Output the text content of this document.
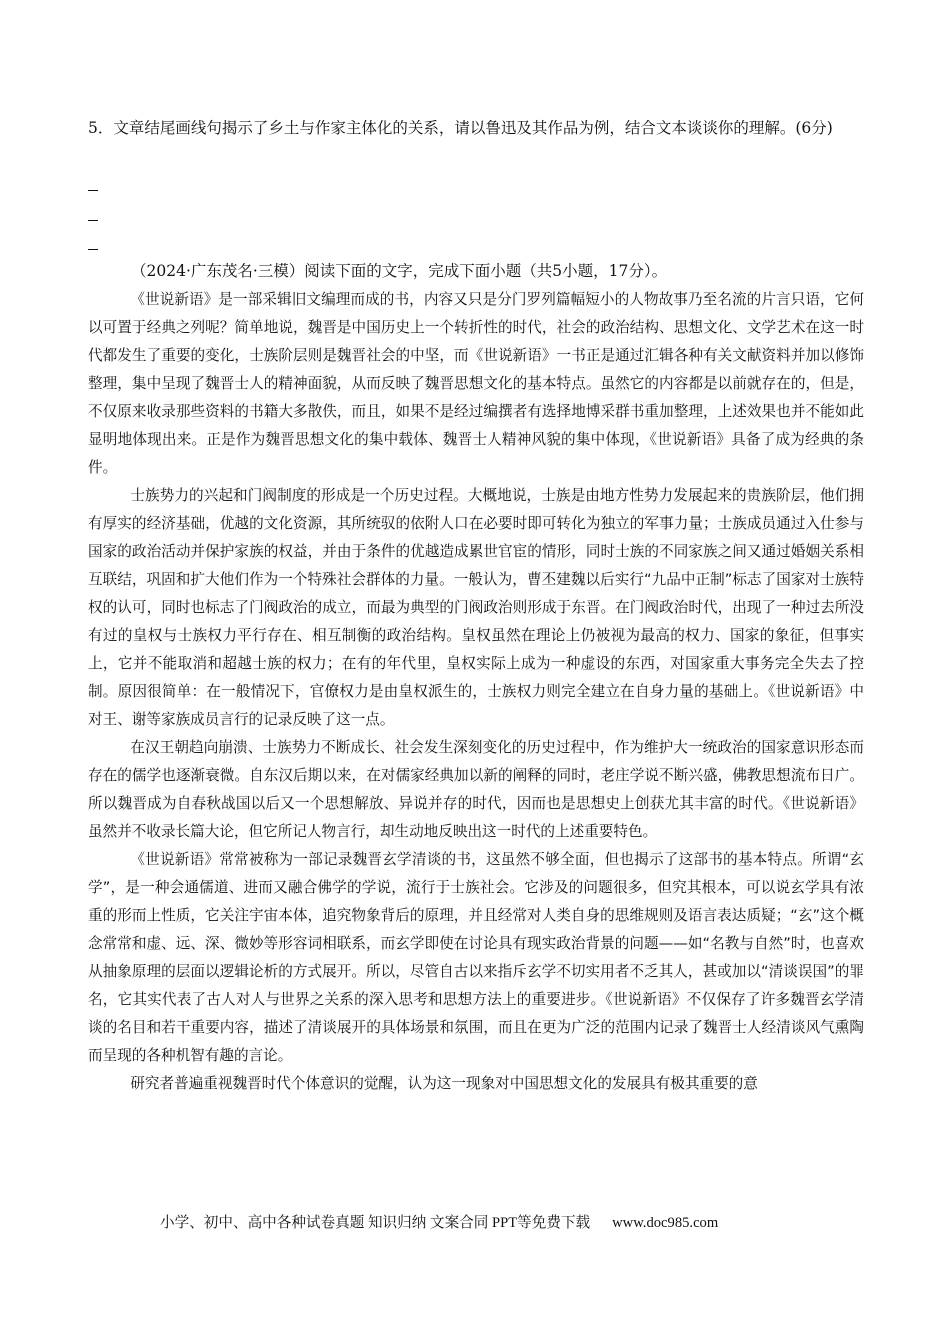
5．文章结尾画线句揭示了乡土与作家主体化的关系，请以鲁迅及其作品为例，结合文本谈谈你的理解。(6分)

（2024·广东茂名·三模）阅读下面的文字，完成下面小题（共5小题，17分）。

《世说新语》是一部采辑旧文编理而成的书，内容又只是分门罗列篇幅短小的人物故事乃至名流的片言只语，它何以可置于经典之列呢？简单地说，魏晋是中国历史上一个转折性的时代，社会的政治结构、思想文化、文学艺术在这一时代都发生了重要的变化，士族阶层则是魏晋社会的中坚，而《世说新语》一书正是通过汇辑各种有关文献资料并加以修饰整理，集中呈现了魏晋士人的精神面貌，从而反映了魏晋思想文化的基本特点。虽然它的内容都是以前就存在的，但是，不仅原来收录那些资料的书籍大多散佚，而且，如果不是经过编撰者有选择地博采群书重加整理，上述效果也并不能如此显明地体现出来。正是作为魏晋思想文化的集中载体、魏晋士人精神风貌的集中体现，《世说新语》具备了成为经典的条件。

士族势力的兴起和门阀制度的形成是一个历史过程。大概地说，士族是由地方性势力发展起来的贵族阶层，他们拥有厚实的经济基础，优越的文化资源，其所统驭的依附人口在必要时即可转化为独立的军事力量；士族成员通过入仕参与国家的政治活动并保护家族的权益，并由于条件的优越造成累世官宦的情形，同时士族的不同家族之间又通过婚姻关系相互联结，巩固和扩大他们作为一个特殊社会群体的力量。一般认为，曹丕建魏以后实行“九品中正制”标志了国家对士族特权的认可，同时也标志了门阀政治的成立，而最为典型的门阀政治则形成于东晋。在门阀政治时代，出现了一种过去所没有过的皇权与士族权力平行存在、相互制衡的政治结构。皇权虽然在理论上仍被视为最高的权力、国家的象征，但事实上，它并不能取消和超越士族的权力；在有的年代里，皇权实际上成为一种虚设的东西，对国家重大事务完全失去了控制。原因很简单：在一般情况下，官僚权力是由皇权派生的，士族权力则完全建立在自身力量的基础上。《世说新语》中对王、谢等家族成员言行的记录反映了这一点。

在汉王朝趋向崩溃、士族势力不断成长、社会发生深刻变化的历史过程中，作为维护大一统政治的国家意识形态而存在的儒学也逐渐衰微。自东汉后期以来，在对儒家经典加以新的阐释的同时，老庄学说不断兴盛，佛教思想流布日广。所以魏晋成为自春秋战国以后又一个思想解放、异说并存的时代，因而也是思想史上创获尤其丰富的时代。《世说新语》虽然并不收录长篇大论，但它所记人物言行，却生动地反映出这一时代的上述重要特色。

《世说新语》常常被称为一部记录魏晋玄学清谈的书，这虽然不够全面，但也揭示了这部书的基本特点。所谓“玄学”，是一种会通儒道、进而又融合佛学的学说，流行于士族社会。它涉及的问题很多，但究其根本，可以说玄学具有浓重的形而上性质，它关注宇宙本体，追究物象背后的原理，并且经常对人类自身的思维规则及语言表达质疑；“玄”这个概念常常和虚、远、深、微妙等形容词相联系，而玄学即使在讨论具有现实政治背景的问题——如“名教与自然”时，也喜欢从抽象原理的层面以逻辑论析的方式展开。所以，尽管自古以来指斥玄学不切实用者不乏其人，甚或加以“清谈误国”的罪名，它其实代表了古人对人与世界之关系的深入思考和思想方法上的重要进步。《世说新语》不仅保存了许多魏晋玄学清谈的名目和若干重要内容，描述了清谈展开的具体场景和氛围，而且在更为广泛的范围内记录了魏晋士人经清谈风气熏陶而呈现的各种机智有趣的言论。

研究者普遍重视魏晋时代个体意识的觉醒，认为这一现象对中国思想文化的发展具有极其重要的意

小学、初中、高中各种试卷真题 知识归纳 文案合同 PPT等免费下载 www.doc985.com
